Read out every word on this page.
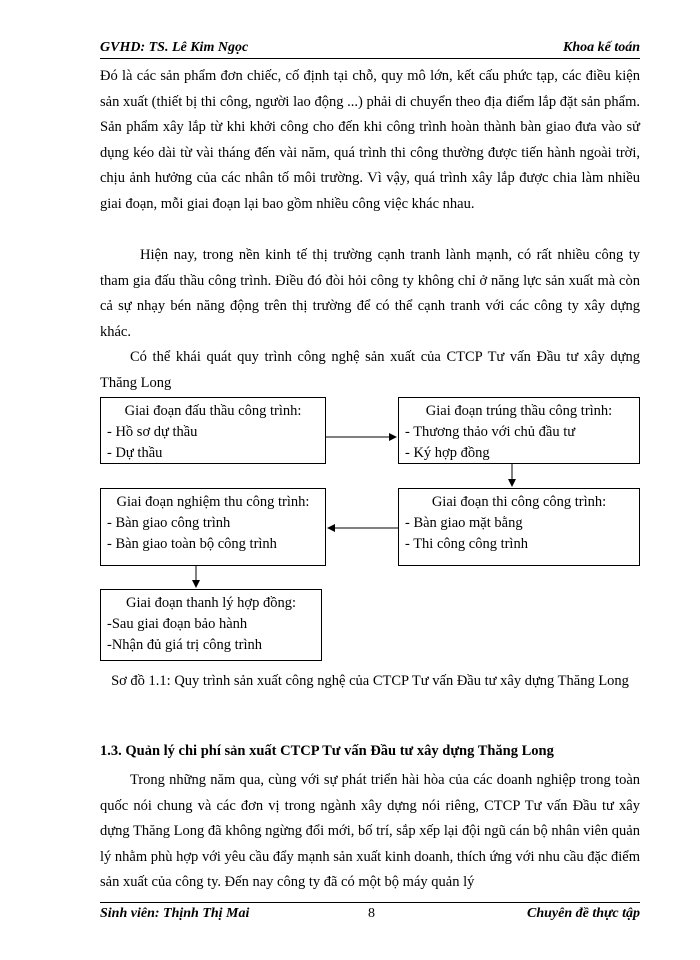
GVHD: TS. Lê Kim Ngọc	Khoa kế toán

Đó là các sản phẩm đơn chiếc, cố định tại chỗ, quy mô lớn, kết cấu phức tạp, các điều kiện sản xuất (thiết bị thi công, người lao động ...) phải di chuyển theo địa điểm lắp đặt sản phẩm. Sản phẩm xây lắp từ khi khởi công cho đến khi công trình hoàn thành bàn giao đưa vào sử dụng kéo dài từ vài tháng đến vài năm, quá trình thi công thường được tiến hành ngoài trời, chịu ảnh hưởng của các nhân tố môi trường. Vì vậy, quá trình xây lắp được chia làm nhiều giai đoạn, mỗi giai đoạn lại bao gồm nhiều công việc khác nhau.

Hiện nay, trong nền kinh tế thị trường cạnh tranh lành mạnh, có rất nhiều công ty tham gia đấu thầu công trình. Điều đó đòi hỏi công ty không chỉ ở năng lực sản xuất mà còn cả sự nhạy bén năng động trên thị trường để có thể cạnh tranh với các công ty xây dựng khác.

Có thể khái quát quy trình công nghệ sản xuất của CTCP Tư vấn Đầu tư xây dựng Thăng Long

Giai đoạn đấu thầu công trình:
- Hồ sơ dự thầu
- Dự thầu
Giai đoạn trúng thầu công trình:
- Thương thảo với chủ đầu tư
- Ký hợp đồng
Giai đoạn thi công công trình:
- Bàn giao mặt bằng
- Thi công công trình
Giai đoạn nghiệm thu công trình:
- Bàn giao công trình
- Bàn giao toàn bộ công trình
Giai đoạn thanh lý hợp đồng:
-Sau giai đoạn bảo hành
-Nhận đủ giá trị công trình

Sơ đồ 1.1: Quy trình sản xuất công nghệ của CTCP Tư vấn Đầu tư xây dựng Thăng Long

1.3. Quản lý chi phí sản xuất CTCP Tư vấn Đầu tư xây dựng Thăng Long

Trong những năm qua, cùng với sự phát triển hài hòa của các doanh nghiệp trong toàn quốc nói chung và các đơn vị trong ngành xây dựng nói riêng, CTCP Tư vấn Đầu tư xây dựng Thăng Long đã không ngừng đổi mới, bố trí, sắp xếp lại đội ngũ cán bộ nhân viên quản lý nhằm phù hợp với yêu cầu đẩy mạnh sản xuất kinh doanh, thích ứng với nhu cầu đặc điểm sản xuất của công ty. Đến nay công ty đã có một bộ máy quản lý

Sinh viên: Thịnh Thị Mai	8	Chuyên đề thực tập
